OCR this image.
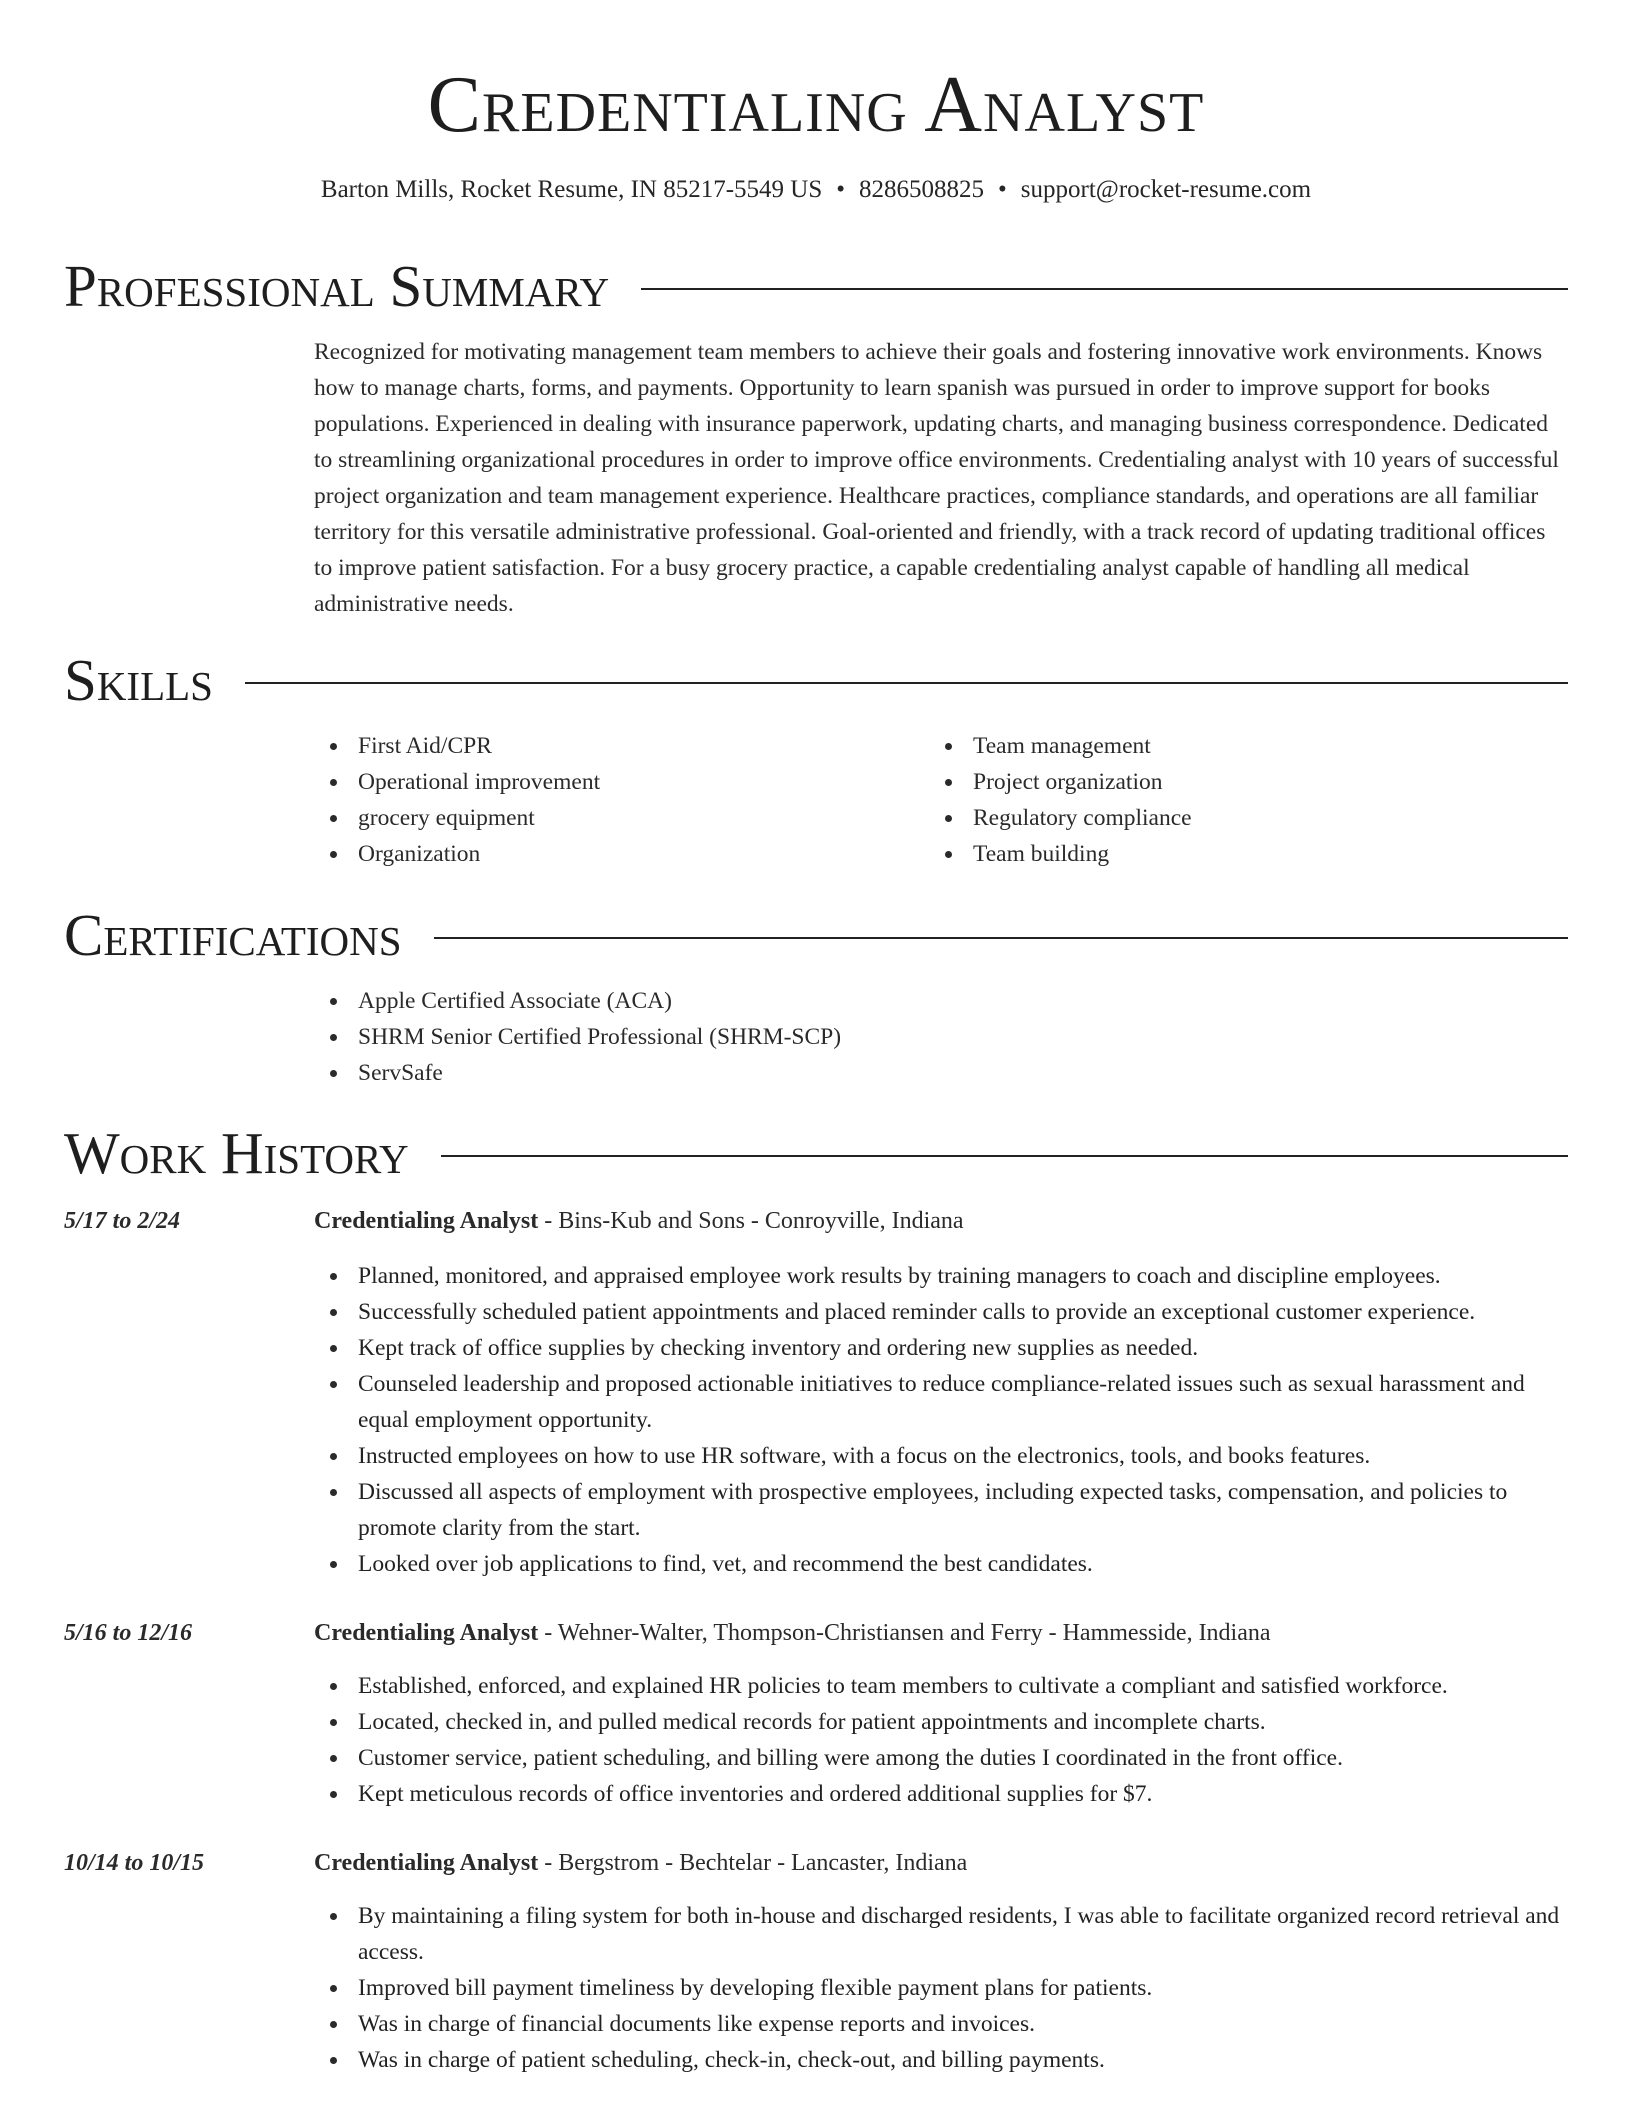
Credentialing Analyst
Barton Mills, Rocket Resume, IN 85217-5549 US • 8286508825 • support@rocket-resume.com
Professional Summary

Recognized for motivating management team members to achieve their goals and fostering innovative work environments. Knows how to manage charts, forms, and payments. Opportunity to learn spanish was pursued in order to improve support for books populations. Experienced in dealing with insurance paperwork, updating charts, and managing business correspondence. Dedicated to streamlining organizational procedures in order to improve office environments. Credentialing analyst with 10 years of successful project organization and team management experience. Healthcare practices, compliance standards, and operations are all familiar territory for this versatile administrative professional. Goal-oriented and friendly, with a track record of updating traditional offices to improve patient satisfaction. For a busy grocery practice, a capable credentialing analyst capable of handling all medical administrative needs.

Skills
First Aid/CPR
Operational improvement
grocery equipment
Organization
Team management
Project organization
Regulatory compliance
Team building
Certifications
Apple Certified Associate (ACA)
SHRM Senior Certified Professional (SHRM-SCP)
ServSafe
Work History
5/17 to 2/24	Credentialing Analyst - Bins-Kub and Sons - Conroyville, Indiana
Planned, monitored, and appraised employee work results by training managers to coach and discipline employees.
Successfully scheduled patient appointments and placed reminder calls to provide an exceptional customer experience.
Kept track of office supplies by checking inventory and ordering new supplies as needed.
Counseled leadership and proposed actionable initiatives to reduce compliance-related issues such as sexual harassment and equal employment opportunity.
Instructed employees on how to use HR software, with a focus on the electronics, tools, and books features.
Discussed all aspects of employment with prospective employees, including expected tasks, compensation, and policies to promote clarity from the start.
Looked over job applications to find, vet, and recommend the best candidates.
5/16 to 12/16	Credentialing Analyst - Wehner-Walter, Thompson-Christiansen and Ferry - Hammesside, Indiana
Established, enforced, and explained HR policies to team members to cultivate a compliant and satisfied workforce.
Located, checked in, and pulled medical records for patient appointments and incomplete charts.
Customer service, patient scheduling, and billing were among the duties I coordinated in the front office.
Kept meticulous records of office inventories and ordered additional supplies for $7.
10/14 to 10/15	Credentialing Analyst - Bergstrom - Bechtelar - Lancaster, Indiana
By maintaining a filing system for both in-house and discharged residents, I was able to facilitate organized record retrieval and access.
Improved bill payment timeliness by developing flexible payment plans for patients.
Was in charge of financial documents like expense reports and invoices.
Was in charge of patient scheduling, check-in, check-out, and billing payments.
